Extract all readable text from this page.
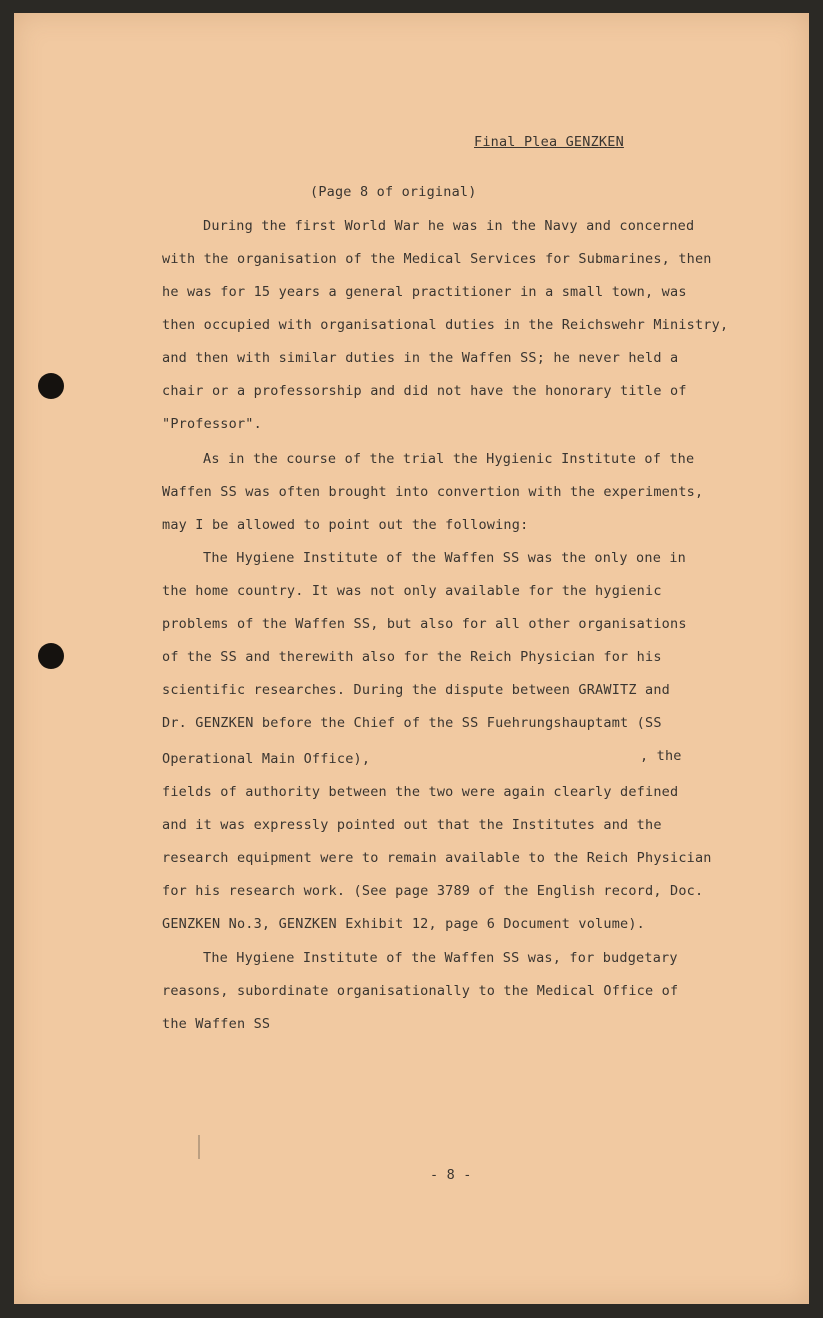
Final Plea GENZKEN
(Page 8 of original)
During the first World War he was in the Navy and concerned
with the organisation of the Medical Services for Submarines, then
he was for 15 years a general practitioner in a small town, was
then occupied with organisational duties in the Reichswehr Ministry,
and then with similar duties in the Waffen SS; he never held a
chair or a professorship and did not have the honorary title of
"Professor".
As in the course of the trial the Hygienic Institute of the
Waffen SS was often brought into convertion with the experiments,
may I be allowed to point out the following:
The Hygiene Institute of the Waffen SS was the only one in
the home country. It was not only available for the hygienic
problems of the Waffen SS, but also for all other organisations
of the SS and therewith also for the Reich Physician for his
scientific researches. During the dispute between GRAWITZ and
Dr. GENZKEN before the Chief of the SS Fuehrungshauptamt (SS
Operational Main Office),	, the
fields of authority between the two were again clearly defined
and it was expressly pointed out that the Institutes and the
research equipment were to remain available to the Reich Physician
for his research work. (See page 3789 of the English record, Doc.
GENZKEN No.3, GENZKEN Exhibit 12, page 6 Document volume).
The Hygiene Institute of the Waffen SS was, for budgetary
reasons, subordinate organisationally to the Medical Office of
the Waffen SS
- 8 -
